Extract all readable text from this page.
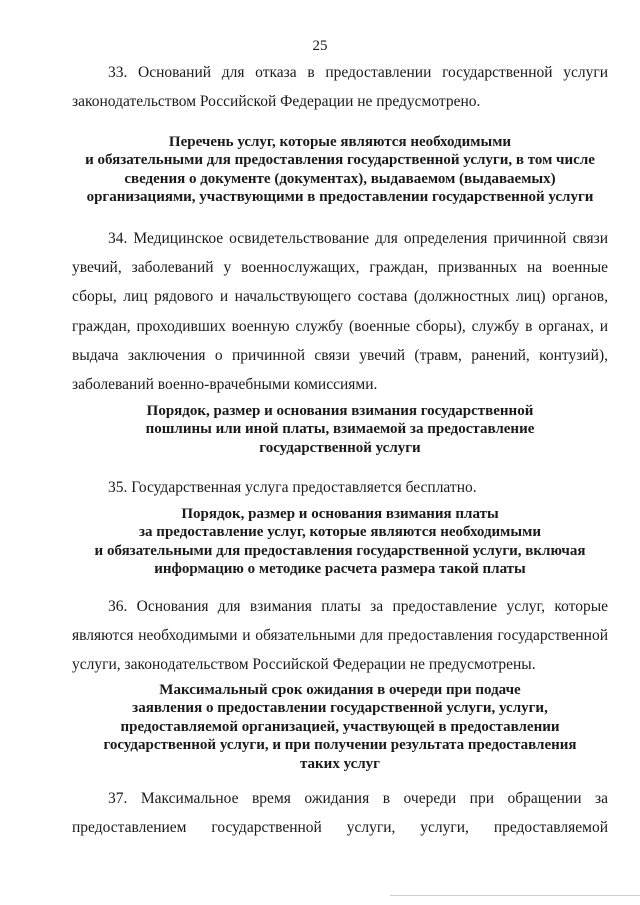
25
33. Оснований для отказа в предоставлении государственной услуги законодательством Российской Федерации не предусмотрено.
Перечень услуг, которые являются необходимыми
и обязательными для предоставления государственной услуги, в том числе
сведения о документе (документах), выдаваемом (выдаваемых)
организациями, участвующими в предоставлении государственной услуги
34. Медицинское освидетельствование для определения причинной связи увечий, заболеваний у военнослужащих, граждан, призванных на военные сборы, лиц рядового и начальствующего состава (должностных лиц) органов, граждан, проходивших военную службу (военные сборы), службу в органах, и выдача заключения о причинной связи увечий (травм, ранений, контузий), заболеваний военно-врачебными комиссиями.
Порядок, размер и основания взимания государственной
пошлины или иной платы, взимаемой за предоставление
государственной услуги
35. Государственная услуга предоставляется бесплатно.
Порядок, размер и основания взимания платы
за предоставление услуг, которые являются необходимыми
и обязательными для предоставления государственной услуги, включая
информацию о методике расчета размера такой платы
36. Основания для взимания платы за предоставление услуг, которые являются необходимыми и обязательными для предоставления государственной услуги, законодательством Российской Федерации не предусмотрены.
Максимальный срок ожидания в очереди при подаче
заявления о предоставлении государственной услуги, услуги,
предоставляемой организацией, участвующей в предоставлении
государственной услуги, и при получении результата предоставления
таких услуг
37. Максимальное время ожидания в очереди при обращении за предоставлением государственной услуги, услуги, предоставляемой
